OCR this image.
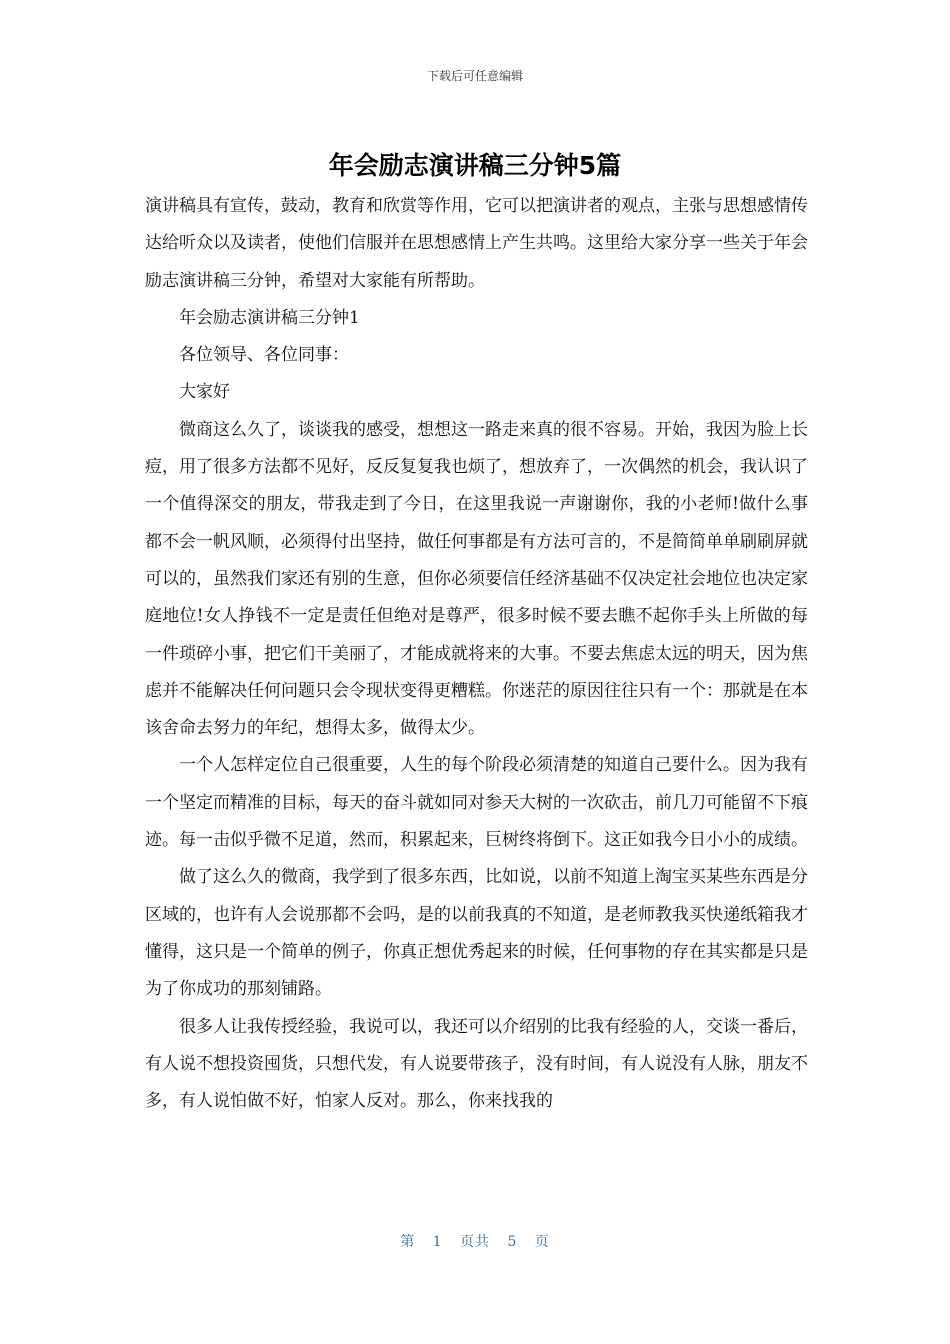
下载后可任意编辑
年会励志演讲稿三分钟5篇

演讲稿具有宣传，鼓动，教育和欣赏等作用，它可以把演讲者的观点，主张与思想感情传达给听众以及读者，使他们信服并在思想感情上产生共鸣。这里给大家分享一些关于年会励志演讲稿三分钟，希望对大家能有所帮助。

年会励志演讲稿三分钟1

各位领导、各位同事：

大家好

微商这么久了，谈谈我的感受，想想这一路走来真的很不容易。开始，我因为脸上长痘，用了很多方法都不见好，反反复复我也烦了，想放弃了，一次偶然的机会，我认识了一个值得深交的朋友，带我走到了今日，在这里我说一声谢谢你，我的小老师!做什么事都不会一帆风顺，必须得付出坚持，做任何事都是有方法可言的，不是简简单单刷刷屏就可以的，虽然我们家还有别的生意，但你必须要信任经济基础不仅决定社会地位也决定家庭地位!女人挣钱不一定是责任但绝对是尊严，很多时候不要去瞧不起你手头上所做的每一件琐碎小事，把它们干美丽了，才能成就将来的大事。不要去焦虑太远的明天，因为焦虑并不能解决任何问题只会令现状变得更糟糕。你迷茫的原因往往只有一个：那就是在本该舍命去努力的年纪，想得太多，做得太少。

一个人怎样定位自己很重要，人生的每个阶段必须清楚的知道自己要什么。因为我有一个坚定而精准的目标，每天的奋斗就如同对参天大树的一次砍击，前几刀可能留不下痕迹。每一击似乎微不足道，然而，积累起来，巨树终将倒下。这正如我今日小小的成绩。

做了这么久的微商，我学到了很多东西，比如说，以前不知道上淘宝买某些东西是分区域的，也许有人会说那都不会吗，是的以前我真的不知道，是老师教我买快递纸箱我才懂得，这只是一个简单的例子，你真正想优秀起来的时候，任何事物的存在其实都是只是为了你成功的那刻铺路。

很多人让我传授经验，我说可以，我还可以介绍别的比我有经验的人，交谈一番后，有人说不想投资囤货，只想代发，有人说要带孩子，没有时间，有人说没有人脉，朋友不多，有人说怕做不好，怕家人反对。那么，你来找我的

第 1 页共 5 页
